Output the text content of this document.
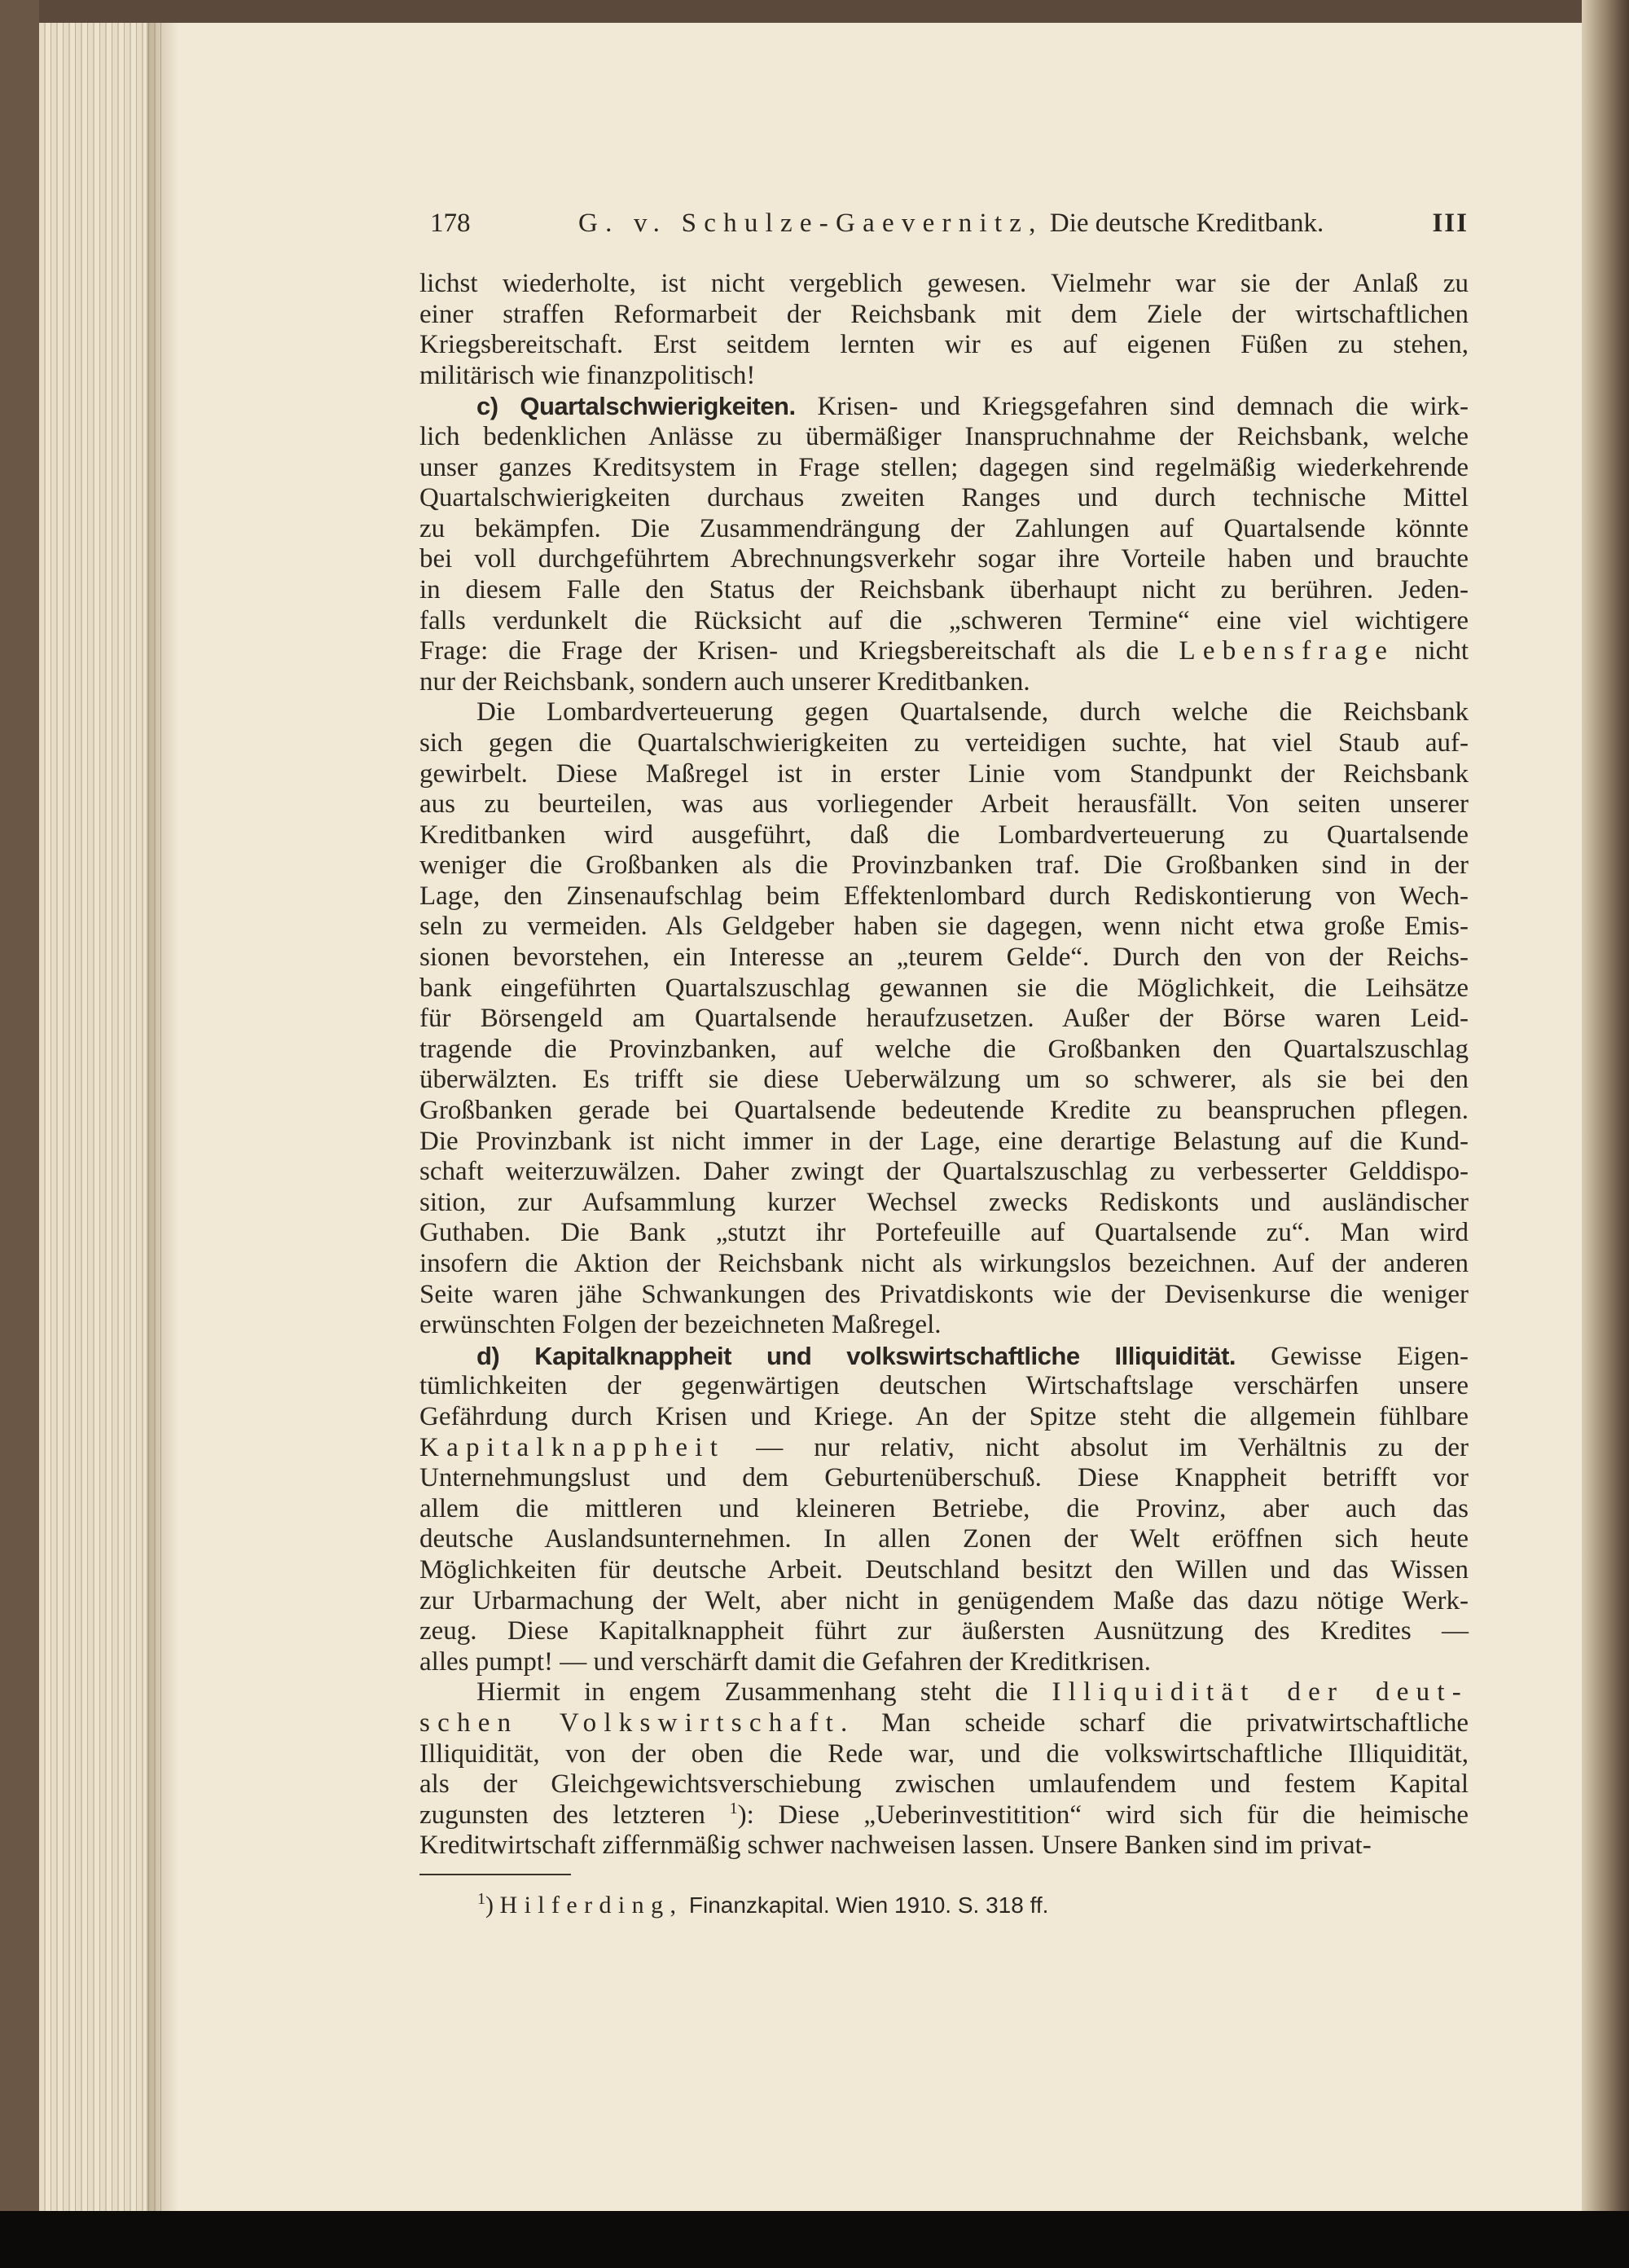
178	G. v. Schulze-Gaevernitz, Die deutsche Kreditbank.	III
lichst wiederholte, ist nicht vergeblich gewesen. Vielmehr war sie der Anlaß zu
einer straffen Reformarbeit der Reichsbank mit dem Ziele der wirtschaftlichen
Kriegsbereitschaft. Erst seitdem lernten wir es auf eigenen Füßen zu stehen,
militärisch wie finanzpolitisch!
c) Quartalschwierigkeiten. Krisen- und Kriegsgefahren sind demnach die wirk-
lich bedenklichen Anlässe zu übermäßiger Inanspruchnahme der Reichsbank, welche
unser ganzes Kreditsystem in Frage stellen; dagegen sind regelmäßig wiederkehrende
Quartalschwierigkeiten durchaus zweiten Ranges und durch technische Mittel
zu bekämpfen. Die Zusammendrängung der Zahlungen auf Quartalsende könnte
bei voll durchgeführtem Abrechnungsverkehr sogar ihre Vorteile haben und brauchte
in diesem Falle den Status der Reichsbank überhaupt nicht zu berühren. Jeden-
falls verdunkelt die Rücksicht auf die „schweren Termine“ eine viel wichtigere
Frage: die Frage der Krisen- und Kriegsbereitschaft als die Lebensfrage nicht
nur der Reichsbank, sondern auch unserer Kreditbanken.
Die Lombardverteuerung gegen Quartalsende, durch welche die Reichsbank
sich gegen die Quartalschwierigkeiten zu verteidigen suchte, hat viel Staub auf-
gewirbelt. Diese Maßregel ist in erster Linie vom Standpunkt der Reichsbank
aus zu beurteilen, was aus vorliegender Arbeit herausfällt. Von seiten unserer
Kreditbanken wird ausgeführt, daß die Lombardverteuerung zu Quartalsende
weniger die Großbanken als die Provinzbanken traf. Die Großbanken sind in der
Lage, den Zinsenaufschlag beim Effektenlombard durch Rediskontierung von Wech-
seln zu vermeiden. Als Geldgeber haben sie dagegen, wenn nicht etwa große Emis-
sionen bevorstehen, ein Interesse an „teurem Gelde“. Durch den von der Reichs-
bank eingeführten Quartalszuschlag gewannen sie die Möglichkeit, die Leihsätze
für Börsengeld am Quartalsende heraufzusetzen. Außer der Börse waren Leid-
tragende die Provinzbanken, auf welche die Großbanken den Quartalszuschlag
überwälzten. Es trifft sie diese Ueberwälzung um so schwerer, als sie bei den
Großbanken gerade bei Quartalsende bedeutende Kredite zu beanspruchen pflegen.
Die Provinzbank ist nicht immer in der Lage, eine derartige Belastung auf die Kund-
schaft weiterzuwälzen. Daher zwingt der Quartalszuschlag zu verbesserter Gelddispo-
sition, zur Aufsammlung kurzer Wechsel zwecks Rediskonts und ausländischer
Guthaben. Die Bank „stutzt ihr Portefeuille auf Quartalsende zu“. Man wird
insofern die Aktion der Reichsbank nicht als wirkungslos bezeichnen. Auf der anderen
Seite waren jähe Schwankungen des Privatdiskonts wie der Devisenkurse die weniger
erwünschten Folgen der bezeichneten Maßregel.
d) Kapitalknappheit und volkswirtschaftliche Illiquidität. Gewisse Eigen-
tümlichkeiten der gegenwärtigen deutschen Wirtschaftslage verschärfen unsere
Gefährdung durch Krisen und Kriege. An der Spitze steht die allgemein fühlbare
Kapitalknappheit — nur relativ, nicht absolut im Verhältnis zu der
Unternehmungslust und dem Geburtenüberschuß. Diese Knappheit betrifft vor
allem die mittleren und kleineren Betriebe, die Provinz, aber auch das
deutsche Auslandsunternehmen. In allen Zonen der Welt eröffnen sich heute
Möglichkeiten für deutsche Arbeit. Deutschland besitzt den Willen und das Wissen
zur Urbarmachung der Welt, aber nicht in genügendem Maße das dazu nötige Werk-
zeug. Diese Kapitalknappheit führt zur äußersten Ausnützung des Kredites —
alles pumpt! — und verschärft damit die Gefahren der Kreditkrisen.
Hiermit in engem Zusammenhang steht die Illiquidität der deut-
schen Volkswirtschaft. Man scheide scharf die privatwirtschaftliche
Illiquidität, von der oben die Rede war, und die volkswirtschaftliche Illiquidität,
als der Gleichgewichtsverschiebung zwischen umlaufendem und festem Kapital
zugunsten des letzteren $^1$): Diese „Ueberinvestitition“ wird sich für die heimische
Kreditwirtschaft ziffernmäßig schwer nachweisen lassen. Unsere Banken sind im privat-
$^1$) Hilferding, Finanzkapital. Wien 1910. S. 318 ff.
